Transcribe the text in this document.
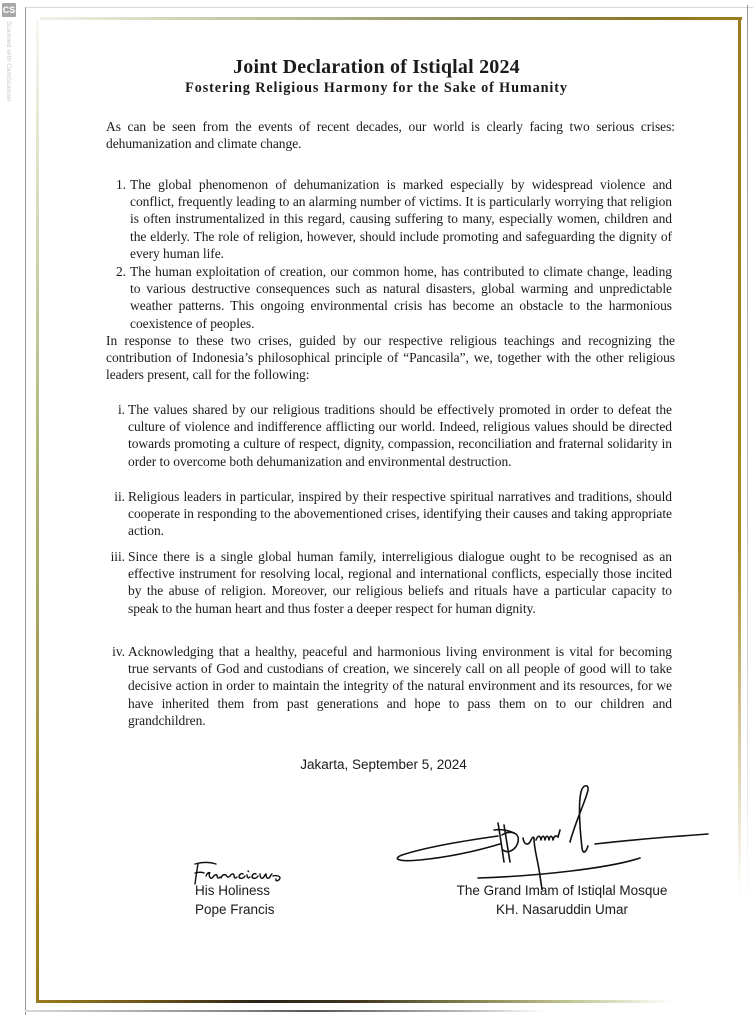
CS
Scanned with CamScanner	Joint Declaration of Istiqlal 2024
Fostering Religious Harmony for the Sake of Humanity
As can be seen from the events of recent decades, our world is clearly facing two serious crises: dehumanization and climate change.
1. The global phenomenon of dehumanization is marked especially by widespread violence and conflict, frequently leading to an alarming number of victims. It is particularly worrying that religion is often instrumentalized in this regard, causing suffering to many, especially women, children and the elderly. The role of religion, however, should include promoting and safeguarding the dignity of every human life.
2. The human exploitation of creation, our common home, has contributed to climate change, leading to various destructive consequences such as natural disasters, global warming and unpredictable weather patterns. This ongoing environmental crisis has become an obstacle to the harmonious coexistence of peoples.
In response to these two crises, guided by our respective religious teachings and recognizing the contribution of Indonesia’s philosophical principle of “Pancasila”, we, together with the other religious leaders present, call for the following:
i. The values shared by our religious traditions should be effectively promoted in order to defeat the culture of violence and indifference afflicting our world. Indeed, religious values should be directed towards promoting a culture of respect, dignity, compassion, reconciliation and fraternal solidarity in order to overcome both dehumanization and environmental destruction.
ii. Religious leaders in particular, inspired by their respective spiritual narratives and traditions, should cooperate in responding to the abovementioned crises, identifying their causes and taking appropriate action.
iii. Since there is a single global human family, interreligious dialogue ought to be recognised as an effective instrument for resolving local, regional and international conflicts, especially those incited by the abuse of religion. Moreover, our religious beliefs and rituals have a particular capacity to speak to the human heart and thus foster a deeper respect for human dignity.
iv. Acknowledging that a healthy, peaceful and harmonious living environment is vital for becoming true servants of God and custodians of creation, we sincerely call on all people of good will to take decisive action in order to maintain the integrity of the natural environment and its resources, for we have inherited them from past generations and hope to pass them on to our children and grandchildren.
Jakarta, September 5, 2024
His Holiness
Pope Francis
The Grand Imam of Istiqlal Mosque
KH. Nasaruddin Umar
